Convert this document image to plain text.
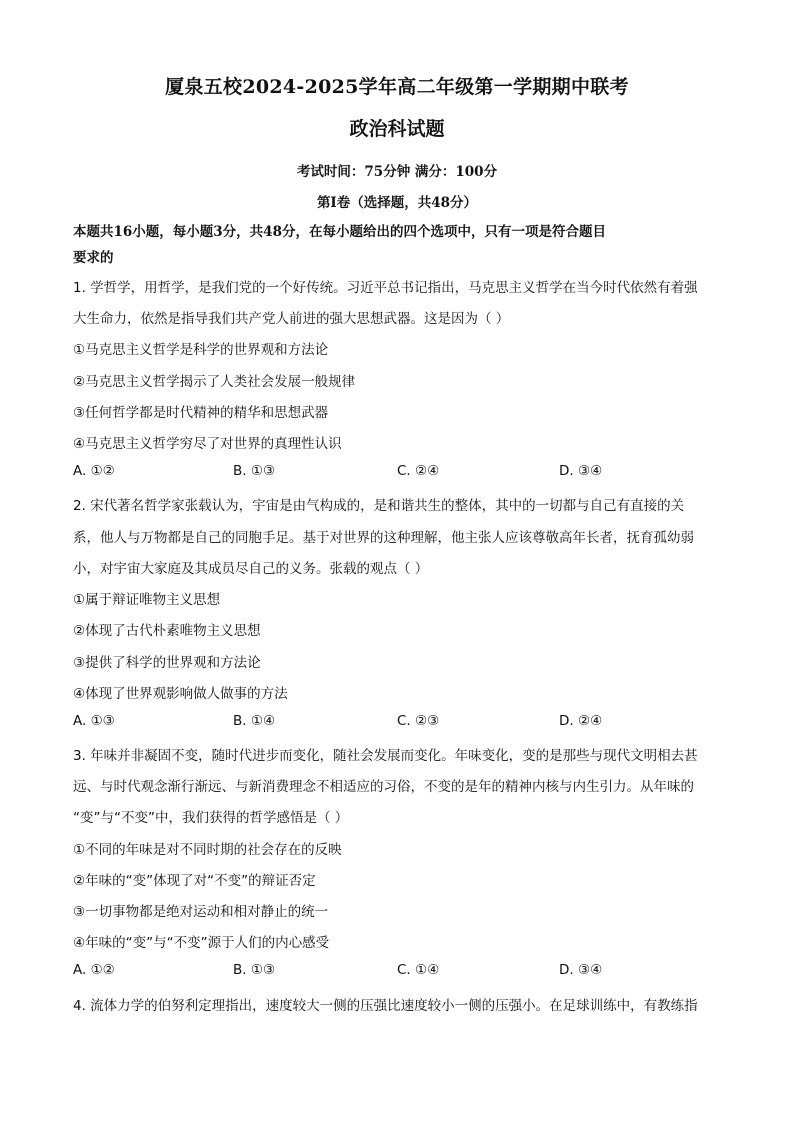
厦泉五校2024-2025学年高二年级第一学期期中联考
政治科试题
考试时间：75分钟 满分：100分
第Ⅰ卷（选择题，共48分）
本题共16小题，每小题3分，共48分，在每小题给出的四个选项中，只有一项是符合题目
要求的
1. 学哲学，用哲学，是我们党的一个好传统。习近平总书记指出，马克思主义哲学在当今时代依然有着强
大生命力，依然是指导我们共产党人前进的强大思想武器。这是因为（ ）
①马克思主义哲学是科学的世界观和方法论
②马克思主义哲学揭示了人类社会发展一般规律
③任何哲学都是时代精神的精华和思想武器
④马克思主义哲学穷尽了对世界的真理性认识
A. ①②	B. ①③	C. ②④	D. ③④
2. 宋代著名哲学家张载认为，宇宙是由气构成的，是和谐共生的整体，其中的一切都与自己有直接的关
系，他人与万物都是自己的同胞手足。基于对世界的这种理解，他主张人应该尊敬高年长者，抚育孤幼弱
小，对宇宙大家庭及其成员尽自己的义务。张载的观点（ ）
①属于辩证唯物主义思想
②体现了古代朴素唯物主义思想
③提供了科学的世界观和方法论
④体现了世界观影响做人做事的方法
A. ①③	B. ①④	C. ②③	D. ②④
3. 年味并非凝固不变，随时代进步而变化，随社会发展而变化。年味变化，变的是那些与现代文明相去甚
远、与时代观念渐行渐远、与新消费理念不相适应的习俗，不变的是年的精神内核与内生引力。从年味的
“变”与“不变”中，我们获得的哲学感悟是（ ）
①不同的年味是对不同时期的社会存在的反映
②年味的“变”体现了对“不变”的辩证否定
③一切事物都是绝对运动和相对静止的统一
④年味的“变”与“不变”源于人们的内心感受
A. ①②	B. ①③	C. ①④	D. ③④
4. 流体力学的伯努利定理指出，速度较大一侧的压强比速度较小一侧的压强小。在足球训练中，有教练指
